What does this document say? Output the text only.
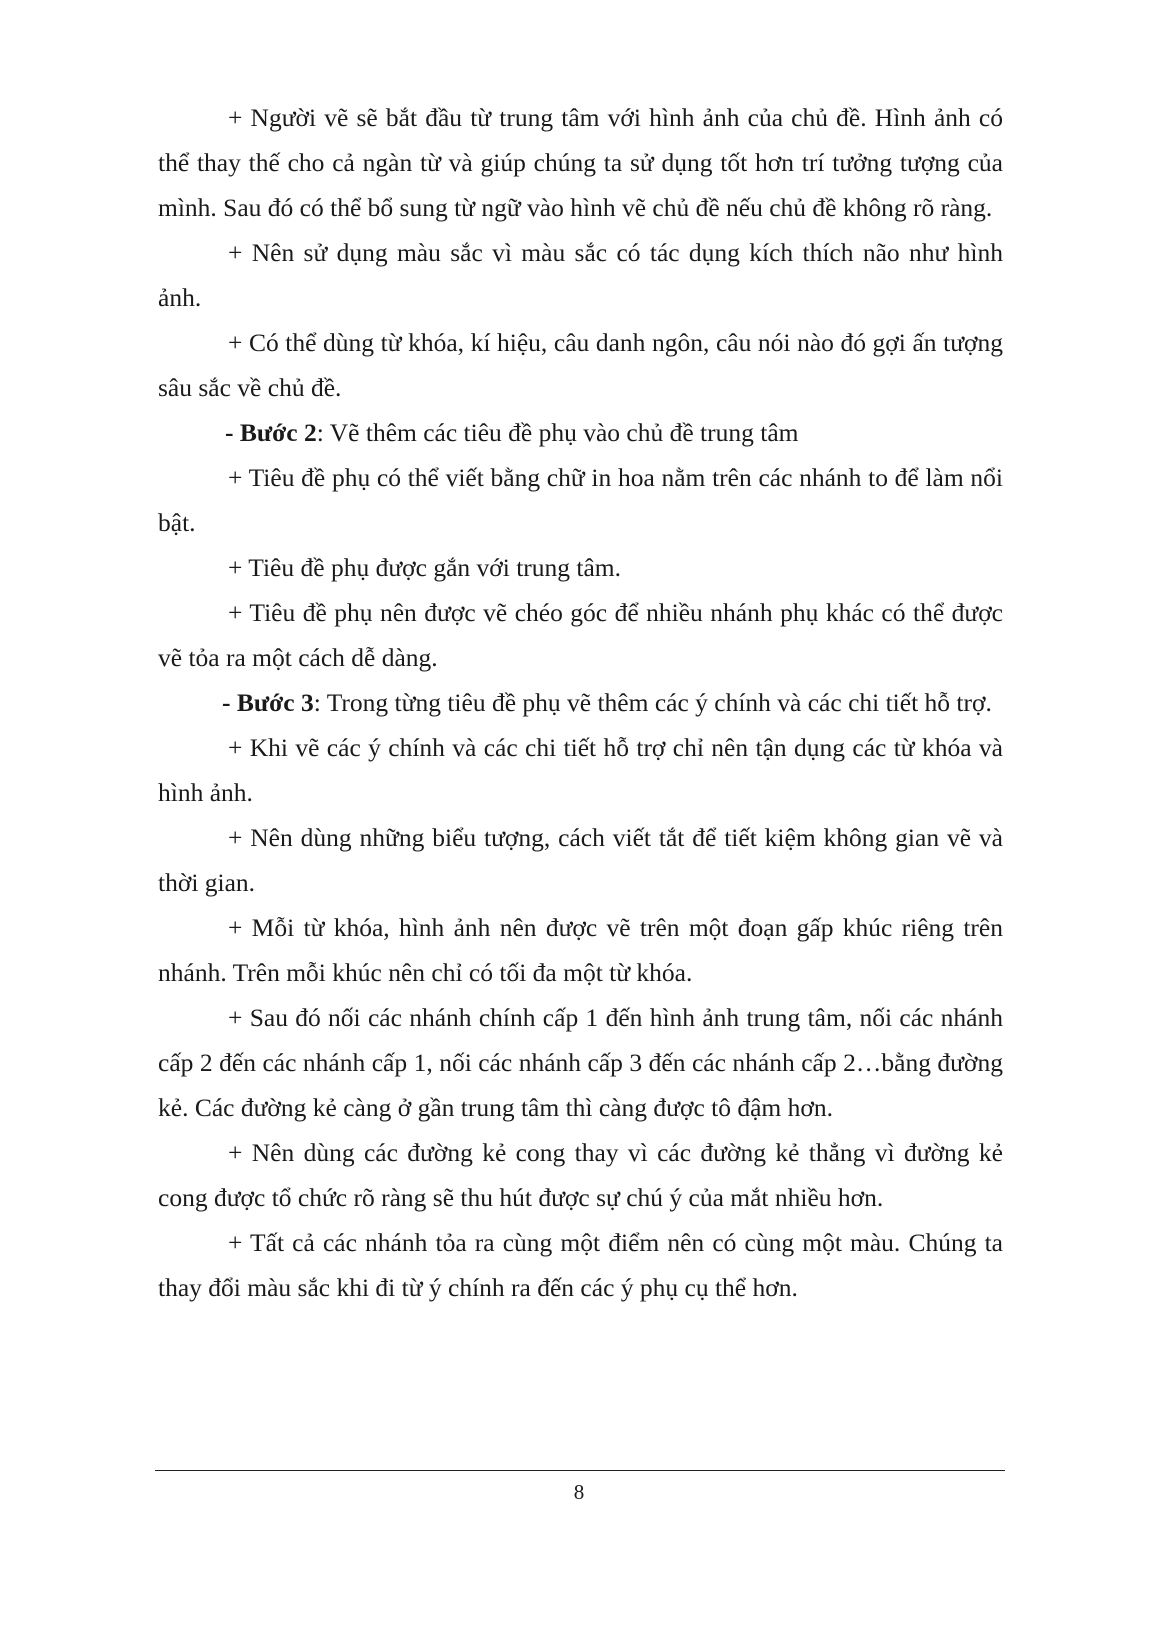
+ Người vẽ sẽ bắt đầu từ trung tâm với hình ảnh của chủ đề. Hình ảnh có thể thay thế cho cả ngàn từ và giúp chúng ta sử dụng tốt hơn trí tưởng tượng của mình. Sau đó có thể bổ sung từ ngữ vào hình vẽ chủ đề nếu chủ đề không rõ ràng.

+ Nên sử dụng màu sắc vì màu sắc có tác dụng kích thích não như hình ảnh.

+ Có thể dùng từ khóa, kí hiệu, câu danh ngôn, câu nói nào đó gợi ấn tượng sâu sắc về chủ đề.

- Bước 2: Vẽ thêm các tiêu đề phụ vào chủ đề trung tâm

+ Tiêu đề phụ có thể viết bằng chữ in hoa nằm trên các nhánh to để làm nổi bật.

+ Tiêu đề phụ được gắn với trung tâm.

+ Tiêu đề phụ nên được vẽ chéo góc để nhiều nhánh phụ khác có thể được vẽ tỏa ra một cách dễ dàng.

- Bước 3: Trong từng tiêu đề phụ vẽ thêm các ý chính và các chi tiết hỗ trợ.

+ Khi vẽ các ý chính và các chi tiết hỗ trợ chỉ nên tận dụng các từ khóa và hình ảnh.

+ Nên dùng những biểu tượng, cách viết tắt để tiết kiệm không gian vẽ và thời gian.

+ Mỗi từ khóa, hình ảnh nên được vẽ trên một đoạn gấp khúc riêng trên nhánh. Trên mỗi khúc nên chỉ có tối đa một từ khóa.

+ Sau đó nối các nhánh chính cấp 1 đến hình ảnh trung tâm, nối các nhánh cấp 2 đến các nhánh cấp 1, nối các nhánh cấp 3 đến các nhánh cấp 2…bằng đường kẻ. Các đường kẻ càng ở gần trung tâm thì càng được tô đậm hơn.

+ Nên dùng các đường kẻ cong thay vì các đường kẻ thẳng vì đường kẻ cong được tổ chức rõ ràng sẽ thu hút được sự chú ý của mắt nhiều hơn.

+ Tất cả các nhánh tỏa ra cùng một điểm nên có cùng một màu. Chúng ta thay đổi màu sắc khi đi từ ý chính ra đến các ý phụ cụ thể hơn.

8
